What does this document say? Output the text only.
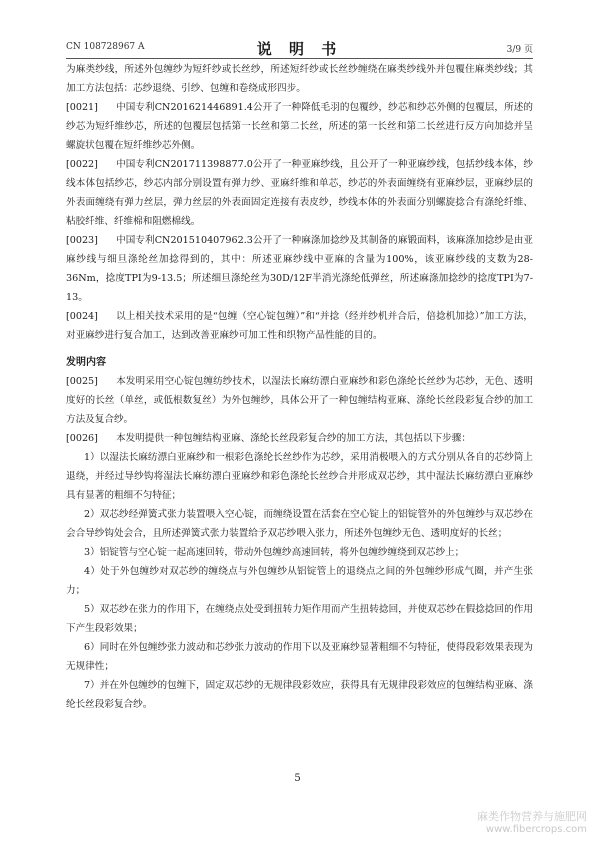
CN 108728967 A	说 明 书	3/9 页

为麻类纱线，所述外包缠纱为短纤纱或长丝纱，所述短纤纱或长丝纱缠绕在麻类纱线外并包覆住麻类纱线；其加工方法包括：芯纱退绕、引纱、包缠和卷绕成形四步。

[0021] 中国专利CN201621446891.4公开了一种降低毛羽的包覆纱，纱芯和纱芯外侧的包覆层，所述的纱芯为短纤维纱芯，所述的包覆层包括第一长丝和第二长丝，所述的第一长丝和第二长丝进行反方向加捻并呈螺旋状包覆在短纤维纱芯外侧。

[0022] 中国专利CN201711398877.0公开了一种亚麻纱线，且公开了一种亚麻纱线，包括纱线本体，纱线本体包括纱芯，纱芯内部分别设置有弹力纱、亚麻纤维和单芯，纱芯的外表面缠绕有亚麻纱层，亚麻纱层的外表面缠绕有弹力丝层，弹力丝层的外表面固定连接有表皮纱，纱线本体的外表面分别螺旋捻合有涤纶纤维、粘胶纤维、纤维棉和阻燃棉线。

[0023] 中国专利CN201510407962.3公开了一种麻涤加捻纱及其制备的麻锻面料，该麻涤加捻纱是由亚麻纱线与细旦涤纶丝加捻得到的，其中：所述亚麻纱线中亚麻的含量为100%，该亚麻纱线的支数为28-36Nm，捻度TPI为9-13.5；所述细旦涤纶丝为30D/12F半消光涤纶低弹丝，所述麻涤加捻纱的捻度TPI为7-13。

[0024] 以上相关技术采用的是“包缠（空心锭包缠）”和“并捻（经并纱机并合后，倍捻机加捻）”加工方法，对亚麻纱进行复合加工，达到改善亚麻纱可加工性和织物产品性能的目的。

发明内容

[0025] 本发明采用空心锭包缠纺纱技术，以湿法长麻纺漂白亚麻纱和彩色涤纶长丝纱为芯纱，无色、透明度好的长丝（单丝，或低根数复丝）为外包缠纱，具体公开了一种包缠结构亚麻、涤纶长丝段彩复合纱的加工方法及复合纱。

[0026] 本发明提供一种包缠结构亚麻、涤纶长丝段彩复合纱的加工方法，其包括以下步骤：

1）以湿法长麻纺漂白亚麻纱和一根彩色涤纶长丝纱作为芯纱，采用消极喂入的方式分别从各自的芯纱筒上退绕，并经过导纱钩将湿法长麻纺漂白亚麻纱和彩色涤纶长丝纱合并形成双芯纱，其中湿法长麻纺漂白亚麻纱具有显著的粗细不匀特征；

2）双芯纱经弹簧式张力装置喂入空心锭，而缠绕设置在活套在空心锭上的铝锭管外的外包缠纱与双芯纱在会合导纱钩处会合，且所述弹簧式张力装置给予双芯纱喂入张力，所述外包缠纱无色、透明度好的长丝；

3）铝锭管与空心锭一起高速回转，带动外包缠纱高速回转，将外包缠纱缠绕到双芯纱上；

4）处于外包缠纱对双芯纱的缠绕点与外包缠纱从铝锭管上的退绕点之间的外包缠纱形成气圈，并产生张力；

5）双芯纱在张力的作用下，在缠绕点处受到扭转力矩作用而产生扭转捻回，并使双芯纱在假捻捻回的作用下产生段彩效果；

6）同时在外包缠纱张力波动和芯纱张力波动的作用下以及亚麻纱显著粗细不匀特征，使得段彩效果表现为无规律性；

7）并在外包缠纱的包缠下，固定双芯纱的无规律段彩效应，获得具有无规律段彩效应的包缠结构亚麻、涤纶长丝段彩复合纱。

5
麻类作物营养与施肥网
www.fibercrops.com
